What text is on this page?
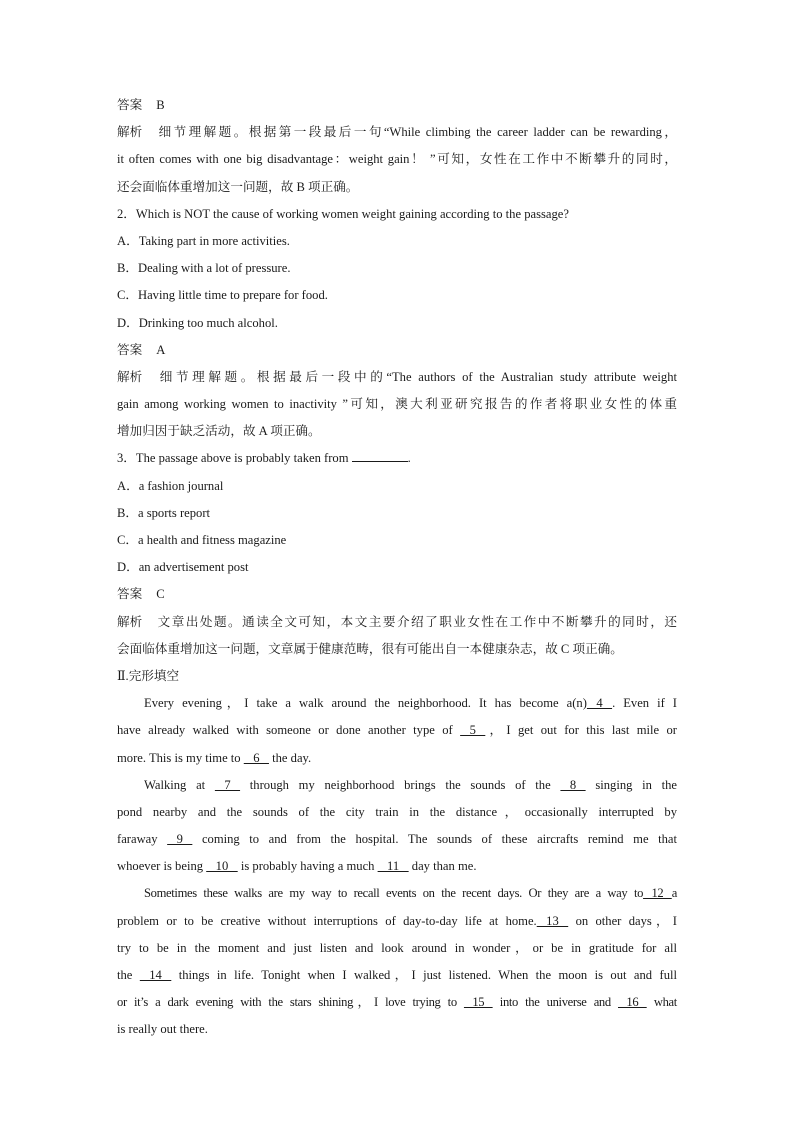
答案 B
解析 细节理解题。根据第一段最后一句“While climbing the career ladder can be rewarding，
it often comes with one big disadvantage：weight gain！ ”可知，女性在工作中不断攀升的同时，
还会面临体重增加这一问题，故 B 项正确。
2．Which is NOT the cause of working women weight gaining according to the passage?
A．Taking part in more activities.
B．Dealing with a lot of pressure.
C．Having little time to prepare for food.
D．Drinking too much alcohol.
答案 A
解析 细节理解题。根据最后一段中的“The authors of the Australian study attribute weight
gain among working women to inactivity ”可知，澳大利亚研究报告的作者将职业女性的体重
增加归因于缺乏活动，故 A 项正确。
3．The passage above is probably taken from	.
A．a fashion journal
B．a sports report
C．a health and fitness magazine
D．an advertisement post
答案 C
解析 文章出处题。通读全文可知，本文主要介绍了职业女性在工作中不断攀升的同时，还
会面临体重增加这一问题，文章属于健康范畴，很有可能出自一本健康杂志，故 C 项正确。
Ⅱ.完形填空
Every evening，I take a walk around the neighborhood. It has become a(n)   4   . Even if I
have already walked with someone or done another type of    5   ，I get out for this last mile or
more. This is my time to    6    the day.
Walking at    7    through my neighborhood brings the sounds of the    8    singing in the
pond nearby and the sounds of the city train in the distance，occasionally interrupted by
faraway    9    coming to and from the hospital. The sounds of these aircrafts remind me that
whoever is being    10    is probably having a much    11    day than me.
Sometimes these walks are my way to recall events on the recent days. Or they are a way to   12   a
problem or to be creative without interruptions of day-to-day life at home.   13    on other days，I
try to be in the moment and just listen and look around in wonder，or be in gratitude for all
the    14    things in life. Tonight when I walked，I just listened. When the moon is out and full
or it’s a dark evening with the stars shining，I love trying to    15    into the universe and    16    what
is really out there.
